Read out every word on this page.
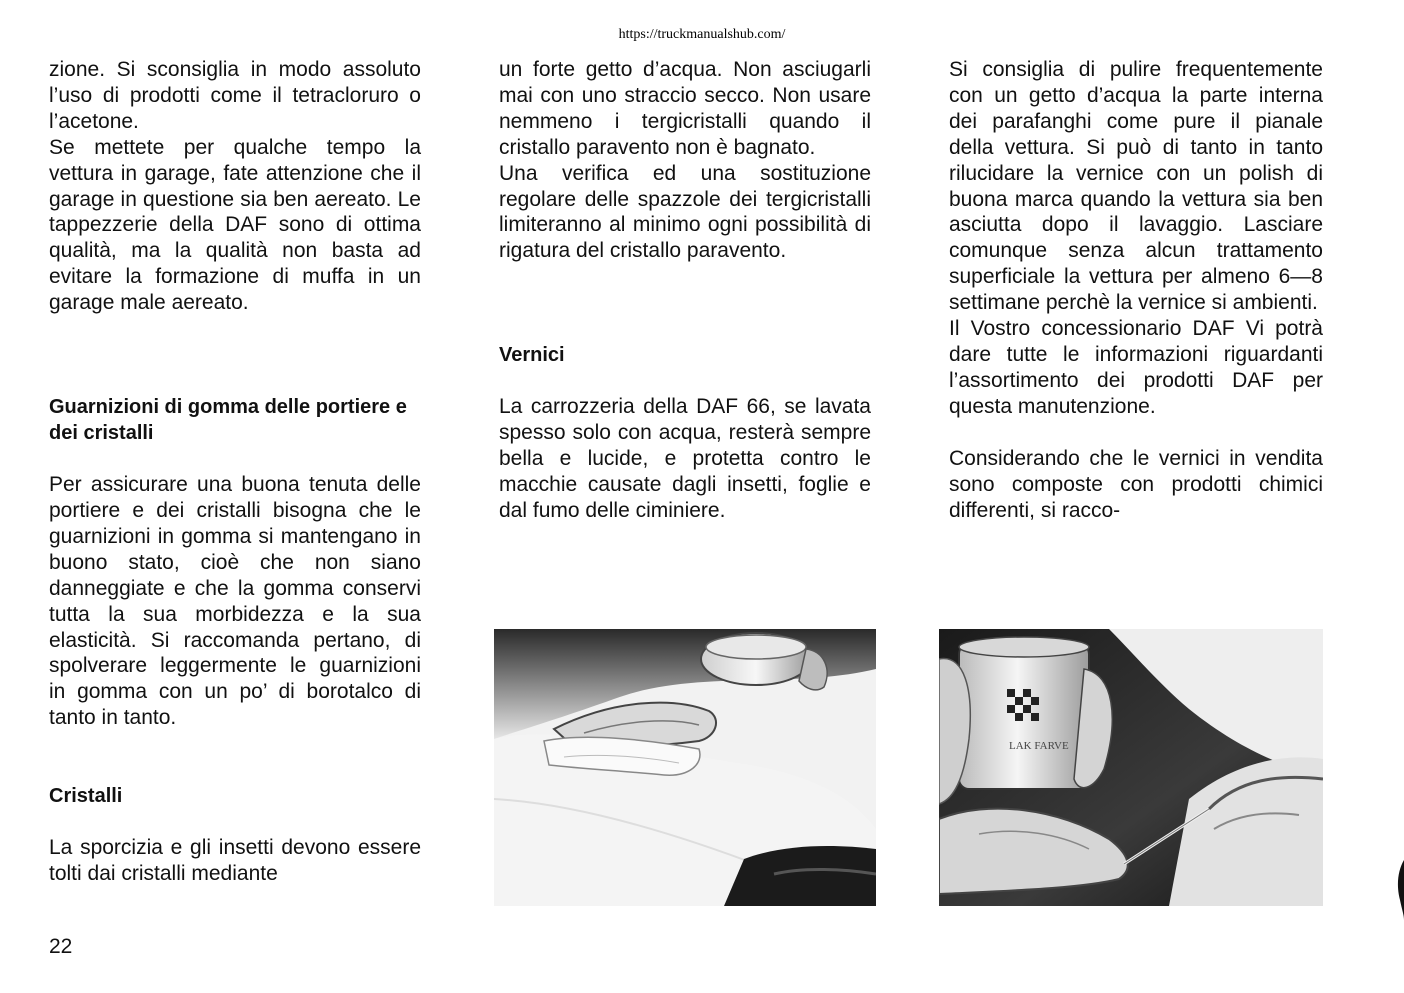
https://truckmanualshub.com/

zione. Si sconsiglia in modo assoluto l’uso di prodotti come il tetracloruro o l’acetone.

Se mettete per qualche tempo la vettura in garage, fate attenzione che il garage in questione sia ben aereato. Le tappezzerie della DAF sono di ottima qualità, ma la qualità non basta ad evitare la formazione di muffa in un garage male aereato.

Guarnizioni di gomma delle portiere e dei cristalli

Per assicurare una buona tenuta delle portiere e dei cristalli bisogna che le guarnizioni in gomma si mantengano in buono stato, cioè che non siano danneggiate e che la gomma conservi tutta la sua morbidezza e la sua elasticità. Si raccomanda pertano, di spolverare leggermente le guarnizioni in gomma con un po’ di borotalco di tanto in tanto.

Cristalli

La sporcizia e gli insetti devono essere tolti dai cristalli mediante

un forte getto d’acqua. Non asciugarli mai con uno straccio secco. Non usare nemmeno i tergicristalli quando il cristallo paravento non è bagnato.

Una verifica ed una sostituzione regolare delle spazzole dei tergicristalli limiteranno al minimo ogni possibilità di rigatura del cristallo paravento.

Vernici

La carrozzeria della DAF 66, se lavata spesso solo con acqua, resterà sempre bella e lucide, e protetta contro le macchie causate dagli insetti, foglie e dal fumo delle ciminiere.

Si consiglia di pulire frequentemente con un getto d’acqua la parte interna dei parafanghi come pure il pianale della vettura. Si può di tanto in tanto rilucidare la vernice con un polish di buona marca quando la vettura sia ben asciutta dopo il lavaggio. Lasciare comunque senza alcun trattamento superficiale la vettura per almeno 6—8 settimane perchè la vernice si ambienti.

Il Vostro concessionario DAF Vi potrà dare tutte le informazioni riguardanti l’assortimento dei prodotti DAF per questa manutenzione.

Considerando che le vernici in vendita sono composte con prodotti chimici differenti, si racco-

LAK FARVE
22
